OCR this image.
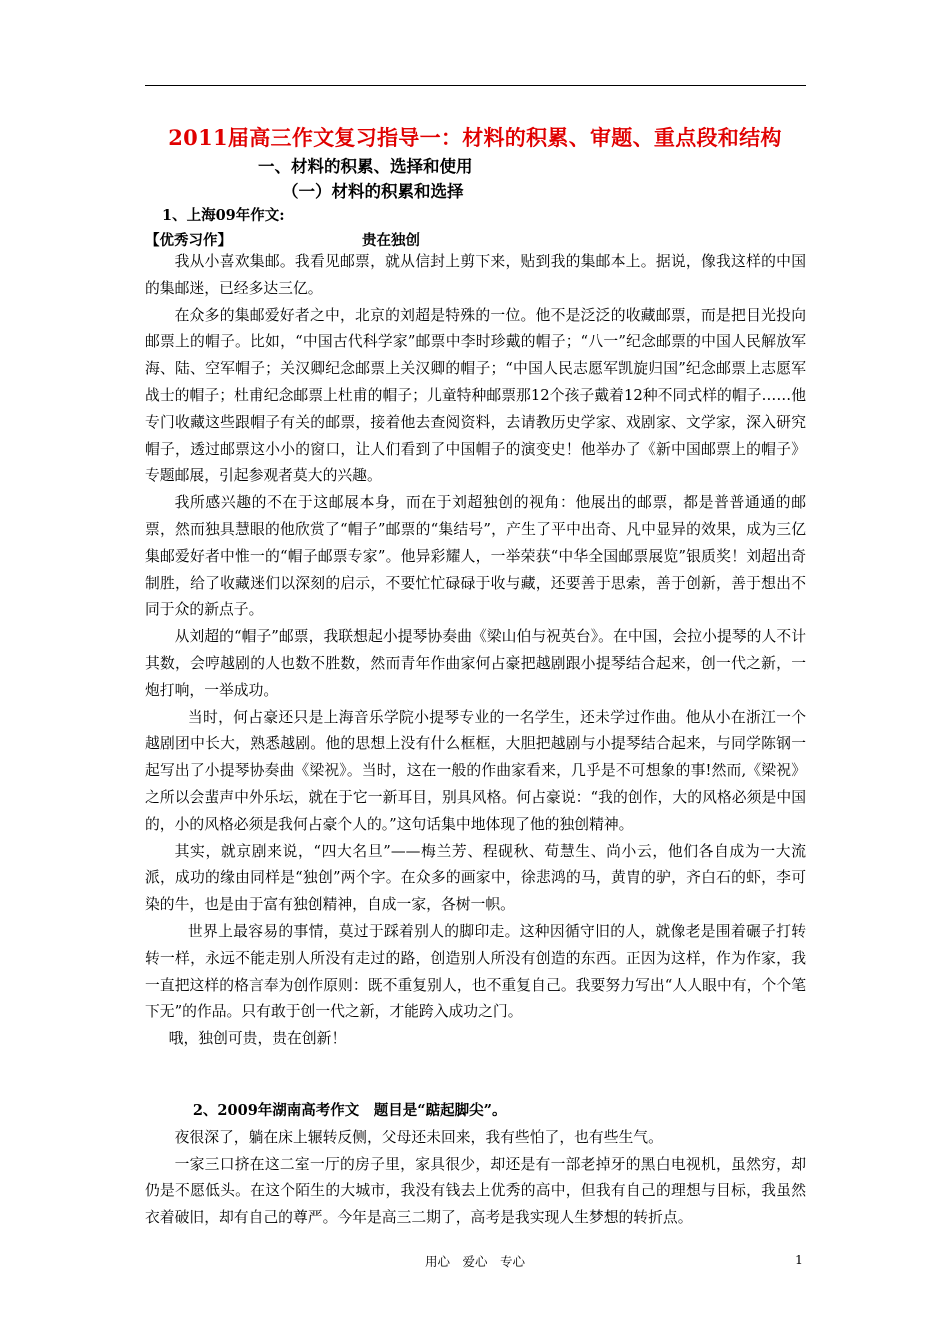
2011届高三作文复习指导一：材料的积累、审题、重点段和结构
一、材料的积累、选择和使用
（一）材料的积累和选择
1、上海09年作文:
【优秀习作】	贵在独创

我从小喜欢集邮。我看见邮票，就从信封上剪下来，贴到我的集邮本上。据说，像我这样的中国的集邮迷，已经多达三亿。

在众多的集邮爱好者之中，北京的刘超是特殊的一位。他不是泛泛的收藏邮票，而是把目光投向邮票上的帽子。比如，“中国古代科学家”邮票中李时珍戴的帽子；“八一”纪念邮票的中国人民解放军海、陆、空军帽子；关汉卿纪念邮票上关汉卿的帽子；“中国人民志愿军凯旋归国”纪念邮票上志愿军战士的帽子；杜甫纪念邮票上杜甫的帽子；儿童特种邮票那12个孩子戴着12种不同式样的帽子……他专门收藏这些跟帽子有关的邮票，接着他去查阅资料，去请教历史学家、戏剧家、文学家，深入研究帽子，透过邮票这小小的窗口，让人们看到了中国帽子的演变史！他举办了《新中国邮票上的帽子》专题邮展，引起参观者莫大的兴趣。

我所感兴趣的不在于这邮展本身，而在于刘超独创的视角：他展出的邮票，都是普普通通的邮票，然而独具慧眼的他欣赏了“帽子”邮票的“集结号”，产生了平中出奇、凡中显异的效果，成为三亿集邮爱好者中惟一的“帽子邮票专家”。他异彩耀人，一举荣获“中华全国邮票展览”银质奖！刘超出奇制胜，给了收藏迷们以深刻的启示，不要忙忙碌碌于收与藏，还要善于思索，善于创新，善于想出不同于众的新点子。

从刘超的“帽子”邮票，我联想起小提琴协奏曲《梁山伯与祝英台》。在中国，会拉小提琴的人不计其数，会哼越剧的人也数不胜数，然而青年作曲家何占豪把越剧跟小提琴结合起来，创一代之新，一炮打响，一举成功。

当时，何占豪还只是上海音乐学院小提琴专业的一名学生，还未学过作曲。他从小在浙江一个越剧团中长大，熟悉越剧。他的思想上没有什么框框，大胆把越剧与小提琴结合起来，与同学陈钢一起写出了小提琴协奏曲《梁祝》。当时，这在一般的作曲家看来，几乎是不可想象的事!然而,《梁祝》之所以会蜚声中外乐坛，就在于它一新耳目，别具风格。何占豪说：“我的创作，大的风格必须是中国的，小的风格必须是我何占豪个人的。”这句话集中地体现了他的独创精神。

其实，就京剧来说，“四大名旦”——梅兰芳、程砚秋、荀慧生、尚小云，他们各自成为一大流派，成功的缘由同样是“独创”两个字。在众多的画家中，徐悲鸿的马，黄胄的驴，齐白石的虾，李可染的牛，也是由于富有独创精神，自成一家，各树一帜。

世界上最容易的事情，莫过于踩着别人的脚印走。这种因循守旧的人，就像老是围着碾子打转转一样，永远不能走别人所没有走过的路，创造别人所没有创造的东西。正因为这样，作为作家，我一直把这样的格言奉为创作原则：既不重复别人，也不重复自己。我要努力写出“人人眼中有，个个笔下无”的作品。只有敢于创一代之新，才能跨入成功之门。

哦，独创可贵，贵在创新！

2、2009年湖南高考作文　题目是“踮起脚尖”。

夜很深了，躺在床上辗转反侧，父母还未回来，我有些怕了，也有些生气。

一家三口挤在这二室一厅的房子里，家具很少，却还是有一部老掉牙的黑白电视机，虽然穷，却仍是不愿低头。在这个陌生的大城市，我没有钱去上优秀的高中，但我有自己的理想与目标，我虽然衣着破旧，却有自己的尊严。今年是高三二期了，高考是我实现人生梦想的转折点。

用心　爱心　专心	1
